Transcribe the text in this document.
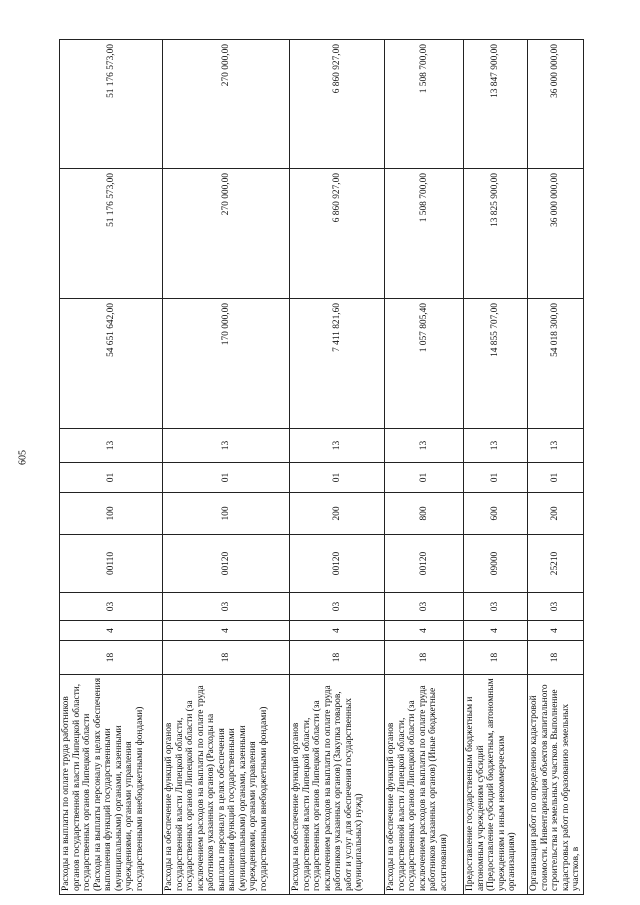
605
Расходы на выплаты по оплате труда работников органов государственной власти Липецкой области, государственных органов Липецкой области (Расходы на выплаты персоналу в целях обеспечения выполнения функций государственными (муниципальными) органами, казенными учреждениями, органами управления государственными внебюджетными фондами)	18	4	03	00110	100	01	13	54 651 642,00	51 176 573,00	51 176 573,00
Расходы на обеспечение функций органов государственной власти Липецкой области, государственных органов Липецкой области (за исключением расходов на выплаты по оплате труда работников указанных органов) (Расходы на выплаты персоналу в целях обеспечения выполнения функций государственными (муниципальными) органами, казенными учреждениями, органами управления государственными внебюджетными фондами)	18	4	03	00120	100	01	13	170 000,00	270 000,00	270 000,00
Расходы на обеспечение функций органов государственной власти Липецкой области, государственных органов Липецкой области (за исключением расходов на выплаты по оплате труда работников указанных органов) (Закупка товаров, работ и услуг для обеспечения государственных (муниципальных) нужд)	18	4	03	00120	200	01	13	7 411 821,60	6 860 927,00	6 860 927,00
Расходы на обеспечение функций органов государственной власти Липецкой области, государственных органов Липецкой области (за исключением расходов на выплаты по оплате труда работников указанных органов) (Иные бюджетные ассигнования)	18	4	03	00120	800	01	13	1 057 805,40	1 508 700,00	1 508 700,00
Предоставление государственным бюджетным и автономным учреждениям субсидий (Предоставление субсидий бюджетным, автономным учреждениям и иным некоммерческим организациям)	18	4	03	09000	600	01	13	14 855 707,00	13 825 900,00	13 847 900,00
Организация работ по определению кадастровой стоимости. Инвентаризация объектов капитального строительства и земельных участков. Выполнение кадастровых работ по образованию земельных участков, в	18	4	03	25210	200	01	13	54 018 300,00	36 000 000,00	36 000 000,00
